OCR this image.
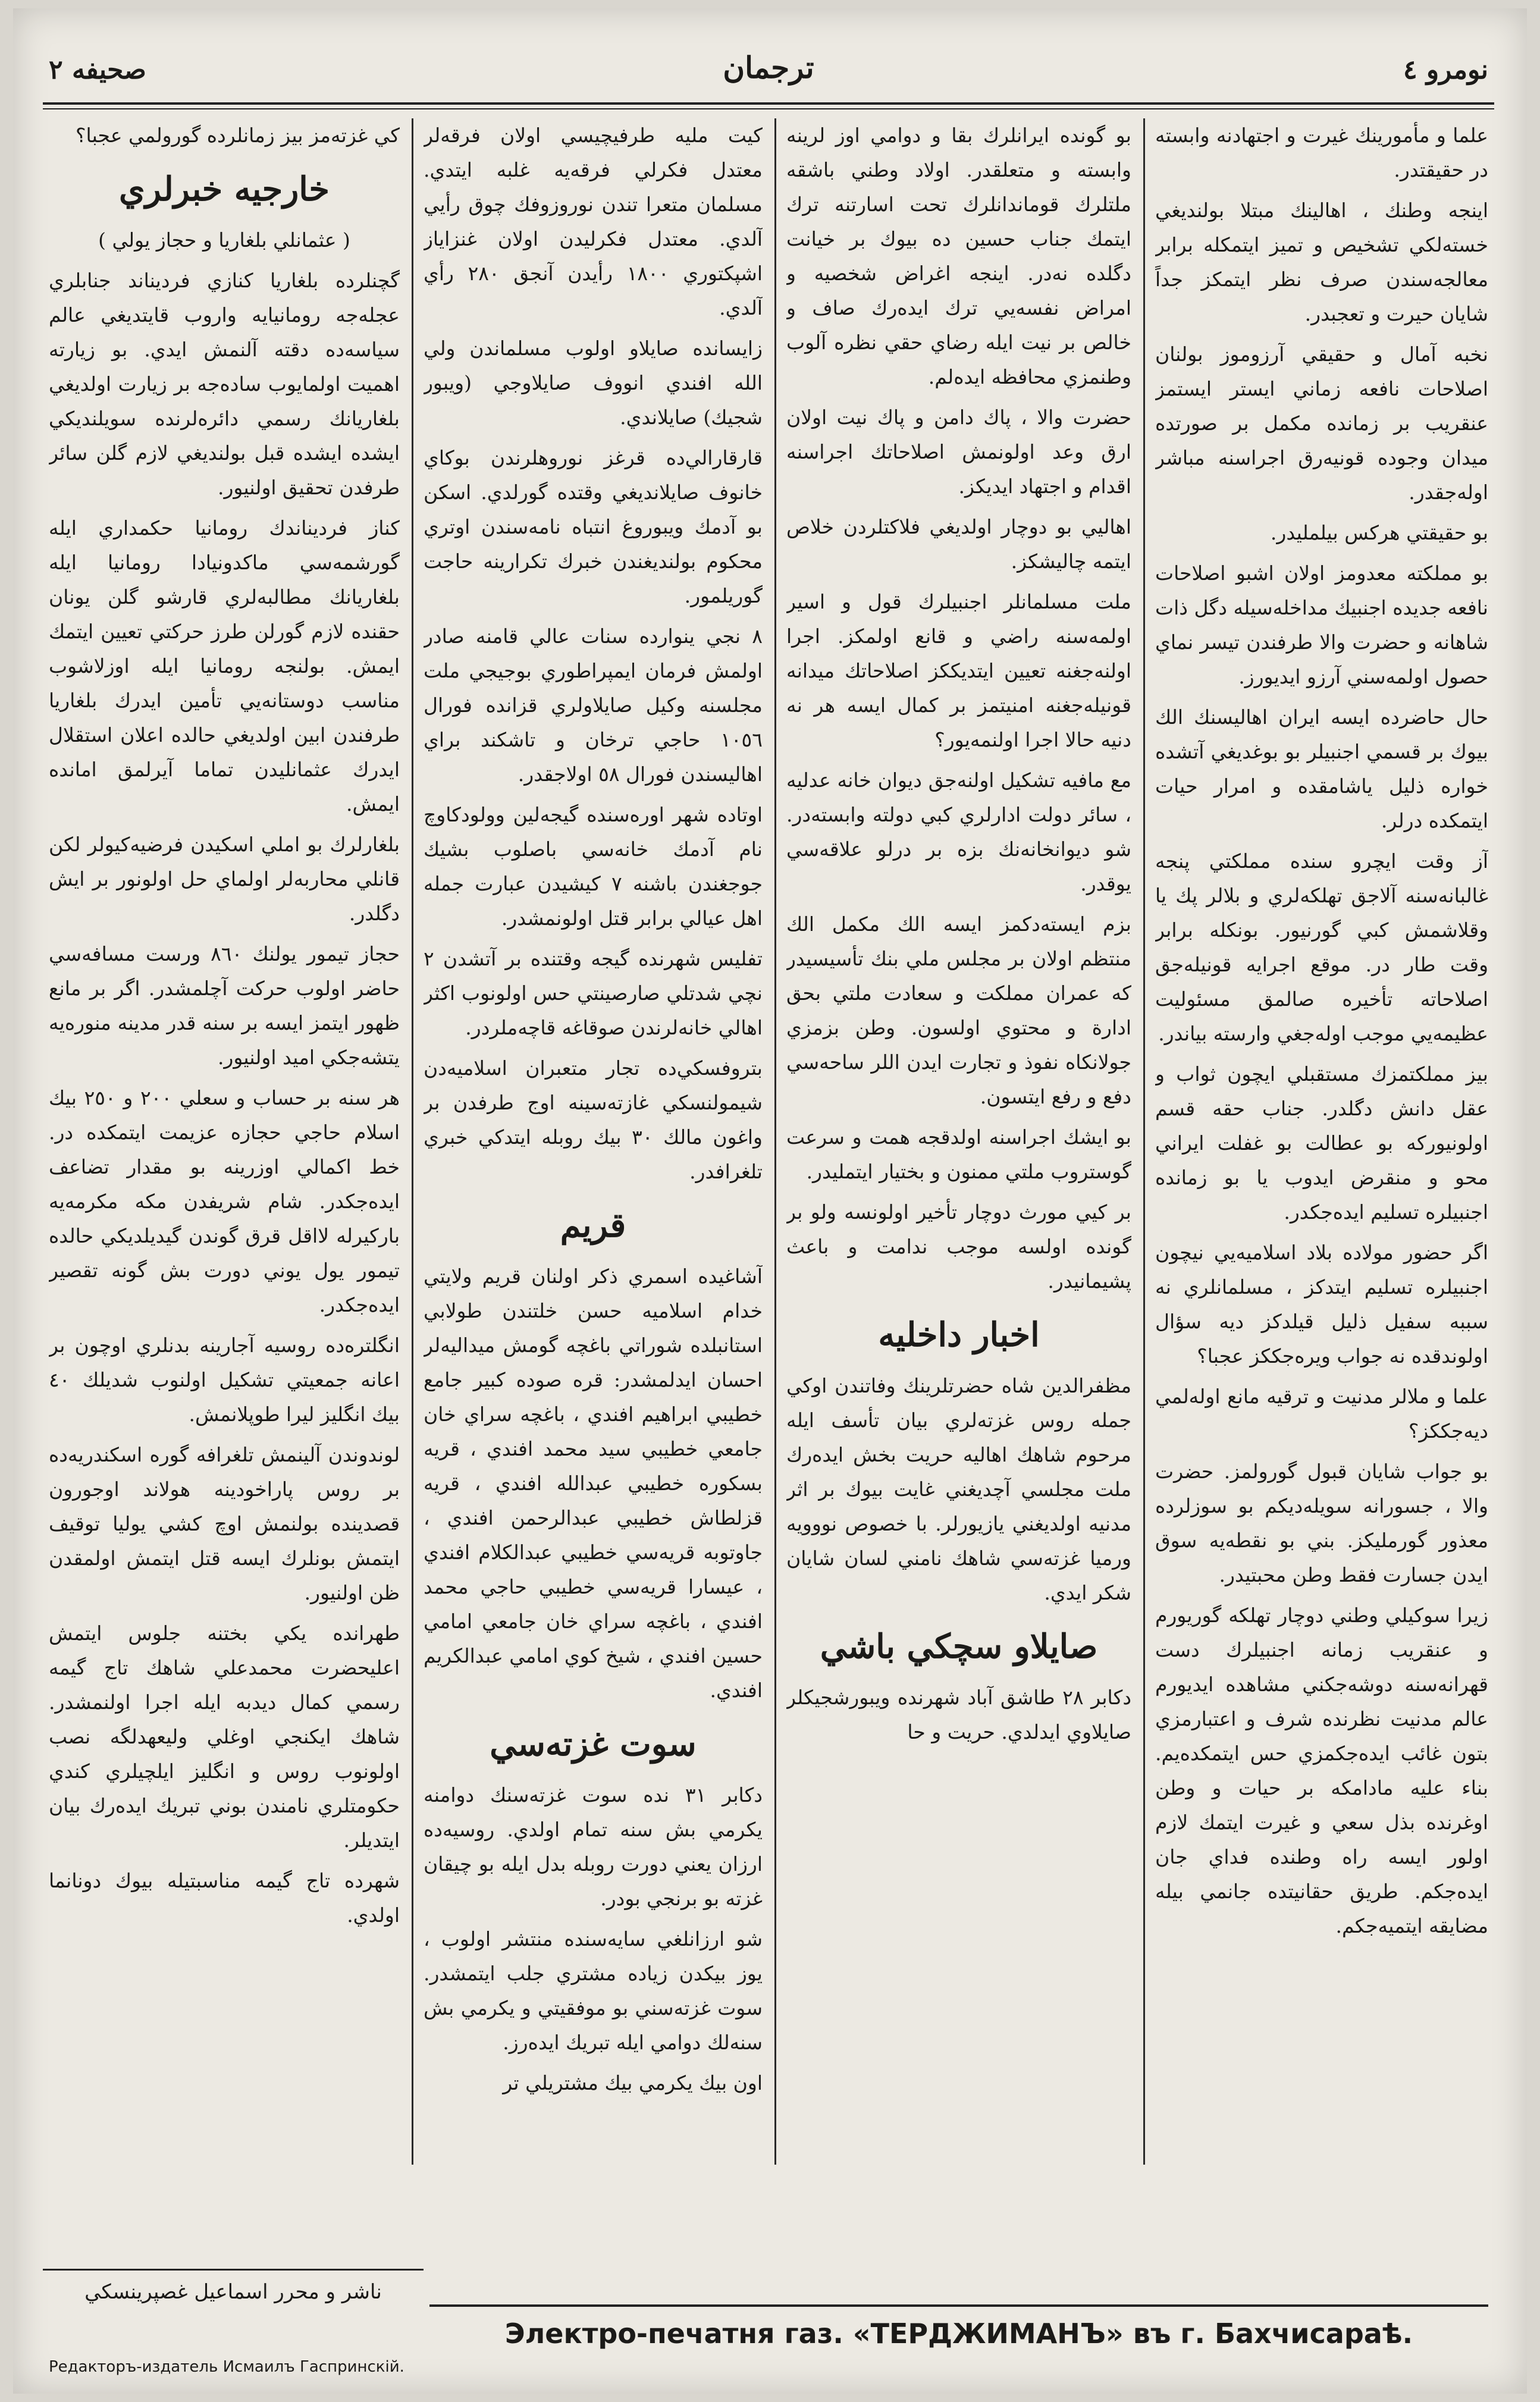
صحيفه ٢	ترجمان	نومرو ٤
علما و مأمورينك غيرت و اجتهادنه وابسته در حقيقتدر.
اينجه وطنك ، اهالينك مبتلا بولنديغي خسته‌لكي تشخيص و تميز ايتمكله برابر معالجه‌سندن صرف نظر ايتمكز جداً شايان حيرت و تعجبدر.
نخبه آمال و حقيقي آرزوموز بولنان اصلاحات نافعه زماني ايستر ايستمز عنقريب بر زمانده مكمل بر صورتده ميدان وجوده قونيه‌رق اجراسنه مباشر اوله‌جقدر.
بو حقيقتي هركس بيلمليدر.
بو مملكته معدومز اولان اشبو اصلاحات نافعه جديده اجنبيك مداخله‌سيله دگل ذات شاهانه و حضرت والا طرفندن تيسر نماي حصول اولمه‌سني آرزو ايديورز.
حال حاضرده ايسه ايران اهاليسنك الك بيوك بر قسمي اجنبيلر بو بوغديغي آتشده خواره ذليل ياشامقده و امرار حيات ايتمكده درلر.
آز وقت ايچرو سنده مملكتي پنجه غالبانه‌سنه آلاجق تهلكه‌لري و بلالر پك يا وقلاشمش كبي گورنيور. بونكله برابر وقت طار در. موقع اجرايه قونيله‌جق اصلاحاته تأخيره صالمق مسئوليت عظيمه‌يي موجب اوله‌جغي وارسته بياندر.
بيز مملكتمزك مستقبلي ايچون ثواب و عقل دانش دگلدر. جناب حقه قسم اولونيوركه بو عطالت بو غفلت ايراني محو و منقرض ايدوب يا بو زمانده اجنبيلره تسليم ايده‌جكدر.
اگر حضور مولاده بلاد اسلاميه‌يي نيچون اجنبيلره تسليم ايتدكز ، مسلمانلري نه سببه سفيل ذليل قيلدكز ديه سؤال اولوندقده نه جواب ويره‌جككز عجبا؟
علما و ملالر مدنيت و ترقيه مانع اوله‌لمي ديه‌جككز؟
بو جواب شايان قبول گورولمز. حضرت والا ، جسورانه سويله‌ديكم بو سوزلرده معذور گورمليكز. بني بو نقطه‌يه سوق ايدن جسارت فقط وطن محبتيدر.
زيرا سوكيلي وطني دوچار تهلكه گوريورم و عنقريب زمانه اجنبيلرك دست قهرانه‌سنه دوشه‌جكني مشاهده ايديورم عالم مدنيت نظرنده شرف و اعتبارمزي بتون غائب ايده‌جكمزي حس ايتمكده‌يم. بناء عليه مادامكه بر حيات و وطن اوغرنده بذل سعي و غيرت ايتمك لازم اولور ايسه راه وطنده فداي جان ايده‌جكم. طريق حقانيتده جانمي بيله مضايقه ايتميه‌جكم.
بو گونده ايرانلرك بقا و دوامي اوز لرينه وابسته و متعلقدر. اولاد وطني باشقه ملتلرك قوماندانلرك تحت اسارتنه ترك ايتمك جناب حسين ده بيوك بر خيانت دگلده نه‌در. اينجه اغراض شخصيه و امراض نفسه‌يي ترك ايده‌رك صاف و خالص بر نيت ايله رضاي حقي نظره آلوب وطنمزي محافظه ايده‌لم.
حضرت والا ، پاك دامن و پاك نيت اولان ارق وعد اولونمش اصلاحاتك اجراسنه اقدام و اجتهاد ايديكز.
اهاليي بو دوچار اولديغي فلاكتلردن خلاص ايتمه چاليشكز.
ملت مسلمانلر اجنبيلرك قول و اسير اولمه‌سنه راضي و قانع اولمكز. اجرا اولنه‌جغنه تعيين ايتديككز اصلاحاتك ميدانه قونيله‌جغنه امنيتمز بر كمال ايسه هر نه دنيه حالا اجرا اولنمه‌يور؟
مع مافيه تشكيل اولنه‌جق ديوان خانه عدليه ، سائر دولت ادارلري كبي دولته وابسته‌در. شو ديوانخانه‌نك بزه بر درلو علاقه‌سي يوقدر.
بزم ايسته‌دكمز ايسه الك مكمل الك منتظم اولان بر مجلس ملي بنك تأسيسيدر كه عمران مملكت و سعادت ملتي بحق ادارة و محتوي اولسون. وطن بزمزي جولانكاه نفوذ و تجارت ايدن اللر ساحه‌سي دفع و رفع ايتسون.
بو ايشك اجراسنه اولدقجه همت و سرعت گوستروب ملتي ممنون و بختيار ايتمليدر.
بر كيي مورث دوچار تأخير اولونسه ولو بر گونده اولسه موجب ندامت و باعث پشيمانيدر.
اخبار داخليه
مظفرالدين شاه حضرتلرينك وفاتندن اوكي جمله روس غزته‌لري بيان تأسف ايله مرحوم شاهك اهاليه حريت بخش ايده‌رك ملت مجلسي آچديغني غايت بيوك بر اثر مدنيه اولديغني يازيورلر. با خصوص نووويه ورميا غزته‌سي شاهك نامني لسان شايان شكر ايدي.
صايلاو سچكي باشي
دكابر ٢٨ طاشق آباد شهرنده ويبورشجيكلر صايلاوي ايدلدي. حريت و حا
كيت مليه طرفيچيسي اولان فرقه‌لر معتدل فكرلي فرقه‌يه غلبه ايتدي. مسلمان متعرا تندن نوروزوفك چوق رأيي آلدي. معتدل فكرليدن اولان غنزاياز اشپكتوري ١٨٠٠ رأيدن آنجق ٢٨٠ رأي آلدي.
زايسانده صايلاو اولوب مسلماندن ولي الله افندي انووف صايلاوجي (ويبور شجيك) صايلاندي.
قارقارالي‌ده قرغز نوروهلرندن بوكاي خانوف صايلانديغي وقتده گورلدي. اسكن بو آدمك ويبوروغ انتباه نامه‌سندن اوتري محكوم بولنديغندن خبرك تكرارينه حاجت گوريلمور.
٨ نجي ينوارده سنات عالي قامنه صادر اولمش فرمان ايمپراطوري بوجيجي ملت مجلسنه وكيل صايلاولري قزانده فورال ١٠٥٦ حاجي ترخان و تاشكند براي اهاليسندن فورال ٥٨ اولاجقدر.
اوتاده شهر اوره‌سنده گيجه‌لين وولودكاوچ نام آدمك خانه‌سي باصلوب بشيك جوجغندن باشنه ٧ كيشيدن عبارت جمله اهل عيالي برابر قتل اولونمشدر.
تفليس شهرنده گيجه وقتنده بر آتشدن ٢ نچي شدتلي صارصينتي حس اولونوب اكثر اهالي خانه‌لرندن صوقاغه قاچه‌ملردر.
بتروفسكي‌ده تجار متعبران اسلاميه‌دن شيمولنسكي غازته‌سينه اوج طرفدن بر واغون مالك ٣٠ بيك روبله ايتدكي خبري تلغرافدر.
قريم
آشاغيده اسمري ذكر اولنان قريم ولايتي خدام اسلاميه حسن خلتندن طولابي استانبلده شوراتي باغچه گومش ميداليه‌لر احسان ايدلمشدر: قره صوده كبير جامع خطيبي ابراهيم افندي ، باغچه سراي خان جامعي خطيبي سيد محمد افندي ، قريه بسكوره خطيبي عبدالله افندي ، قريه قزلطاش خطيبي عبدالرحمن افندي ، جاوتوبه قريه‌سي خطيبي عبدالكلام افندي ، عيسارا قريه‌سي خطيبي حاجي محمد افندي ، باغچه سراي خان جامعي امامي حسين افندي ، شيخ كوي امامي عبدالكريم افندي.
سوت غزته‌سي
دكابر ٣١ نده سوت غزته‌سنك دوامنه يكرمي بش سنه تمام اولدي. روسيه‌ده ارزان يعني دورت روبله بدل ايله بو چيقان غزته بو برنجي بودر.
شو ارزانلغي سايه‌سنده منتشر اولوب ، يوز بيكدن زياده مشتري جلب ايتمشدر. سوت غزته‌سني بو موفقيتي و يكرمي بش سنه‌لك دوامي ايله تبريك ايده‌رز.
اون بيك يكرمي بيك مشتريلي تر
كي غزته‌مز بيز زمانلرده گورولمي عجبا؟
خارجيه خبرلري
( عثمانلي بلغاريا و حجاز يولي )
گچنلرده بلغاريا كنازي فرديناند جنابلري عجله‌جه رومانيايه واروب قايتديغي عالم سياسه‌ده دقته آلنمش ايدي. بو زيارته اهميت اولمايوب ساده‌جه بر زيارت اولديغي بلغاريانك رسمي دائره‌لرنده سويلنديكي ايشده ايشده قبل بولنديغي لازم گلن سائر طرفدن تحقيق اولنيور.
كناز فرديناندك رومانيا حكمداري ايله گورشمه‌سي ماكدونيادا رومانيا ايله بلغاريانك مطالبه‌لري قارشو گلن يونان حقنده لازم گورلن طرز حركتي تعيين ايتمك ايمش. بولنجه رومانيا ايله اوزلاشوب مناسب دوستانه‌يي تأمين ايدرك بلغاريا طرفندن ابين اولديغي حالده اعلان استقلال ايدرك عثمانليدن تماما آيرلمق امانده ايمش.
بلغارلرك بو املي اسكيدن فرضيه‌كيولر لكن قانلي محاربه‌لر اولماي حل اولونور بر ايش دگلدر.
حجاز تيمور يولنك ٨٦٠ ورست مسافه‌سي حاضر اولوب حركت آچلمشدر. اگر بر مانع ظهور ايتمز ايسه بر سنه قدر مدينه منوره‌يه يتشه‌جكي اميد اولنيور.
هر سنه بر حساب و سعلي ٢٠٠ و ٢٥٠ بيك اسلام حاجي حجازه عزيمت ايتمكده در. خط اكمالي اوزرينه بو مقدار تضاعف ايده‌جكدر. شام شريفدن مكه مكرمه‌يه باركيرله لااقل قرق گوندن گيديلديكي حالده تيمور يول يوني دورت بش گونه تقصير ايده‌جكدر.
انگلتره‌ده روسيه آجارينه بدنلري اوچون بر اعانه جمعيتي تشكيل اولنوب شديلك ٤٠ بيك انگليز ليرا طوپلانمش.
لوندوندن آلينمش تلغرافه گوره اسكندريه‌ده بر روس پاراخودينه هولاند اوجورون قصدينده بولنمش اوچ كشي يوليا توقيف ايتمش بونلرك ايسه قتل ايتمش اولمقدن ظن اولنيور.
طهرانده يكي بختنه جلوس ايتمش اعليحضرت محمدعلي شاهك تاج گيمه رسمي كمال ديدبه ايله اجرا اولنمشدر. شاهك ايكنجي اوغلي وليعهدلگه نصب اولونوب روس و انگليز ايلچيلري كندي حكومتلري نامندن بوني تبريك ايده‌رك بيان ايتديلر.
شهرده تاج گيمه مناسبتيله بيوك دونانما اولدي.
ناشر و محرر اسماعيل غصپرينسكي
Электро-печатня газ. «ТЕРДЖИМАНЪ» въ г. Бахчисараѣ.
Редакторъ-издатель Исмаилъ Гаспринскій.
